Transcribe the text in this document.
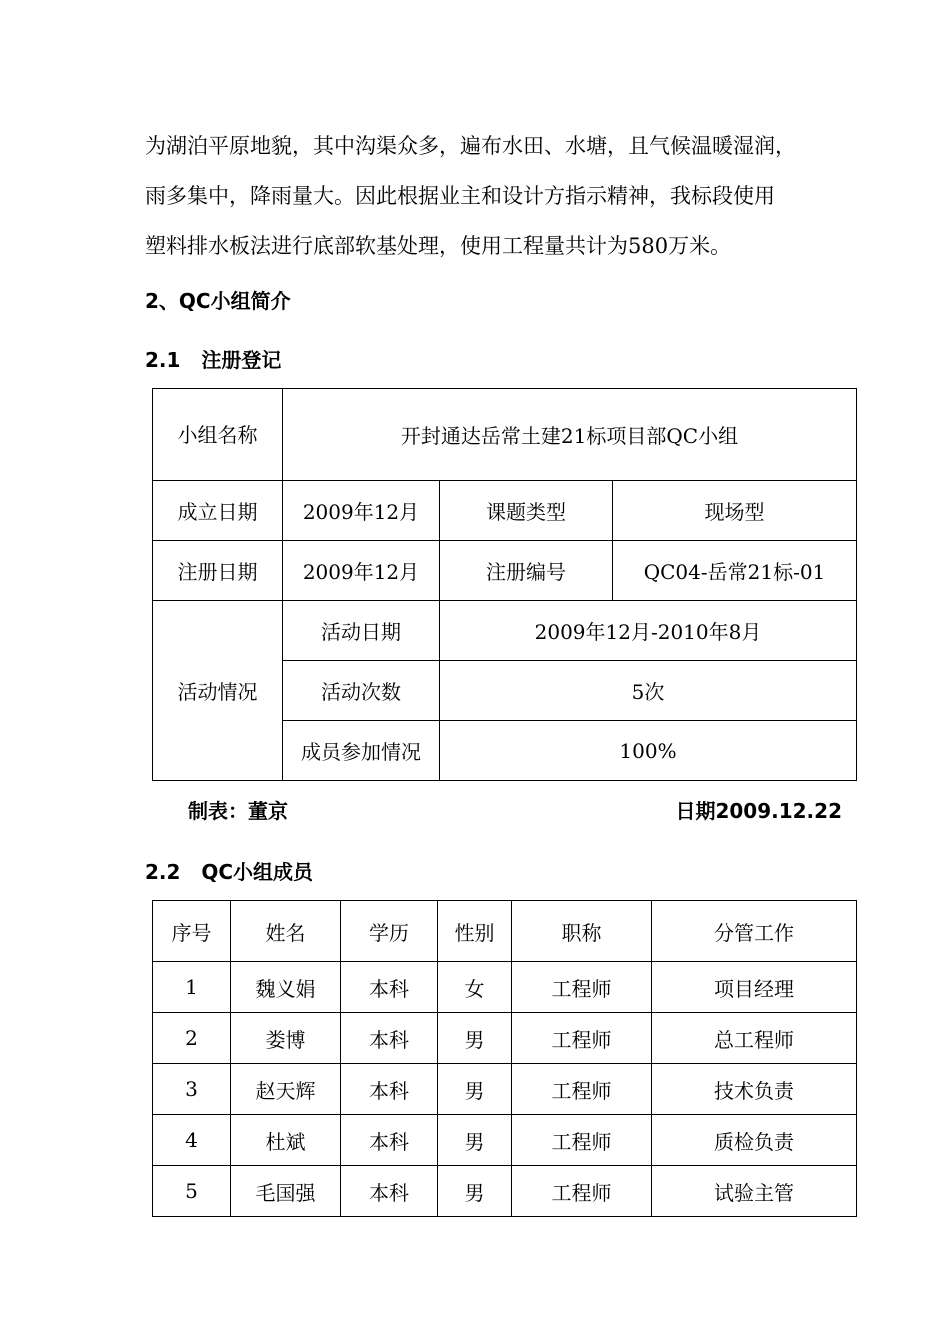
为湖泊平原地貌，其中沟渠众多，遍布水田、水塘，且气候温暖湿润，

雨多集中，降雨量大。因此根据业主和设计方指示精神，我标段使用

塑料排水板法进行底部软基处理，使用工程量共计为580万米。

2、QC小组简介
2.1   注册登记
小组名称	开封通达岳常土建21标项目部QC小组		
成立日期	2009年12月	课题类型	现场型
注册日期	2009年12月	注册编号	QC04-岳常21标-01
活动情况	活动日期	2009年12月-2010年8月	
	活动次数	5次	
	成员参加情况	100%	
制表：董京	日期2009.12.22
2.2   QC小组成员
序号	姓名	学历	性别	职称	分管工作
1	魏义娟	本科	女	工程师	项目经理
2	娄博	本科	男	工程师	总工程师
3	赵天辉	本科	男	工程师	技术负责
4	杜斌	本科	男	工程师	质检负责
5	毛国强	本科	男	工程师	试验主管
